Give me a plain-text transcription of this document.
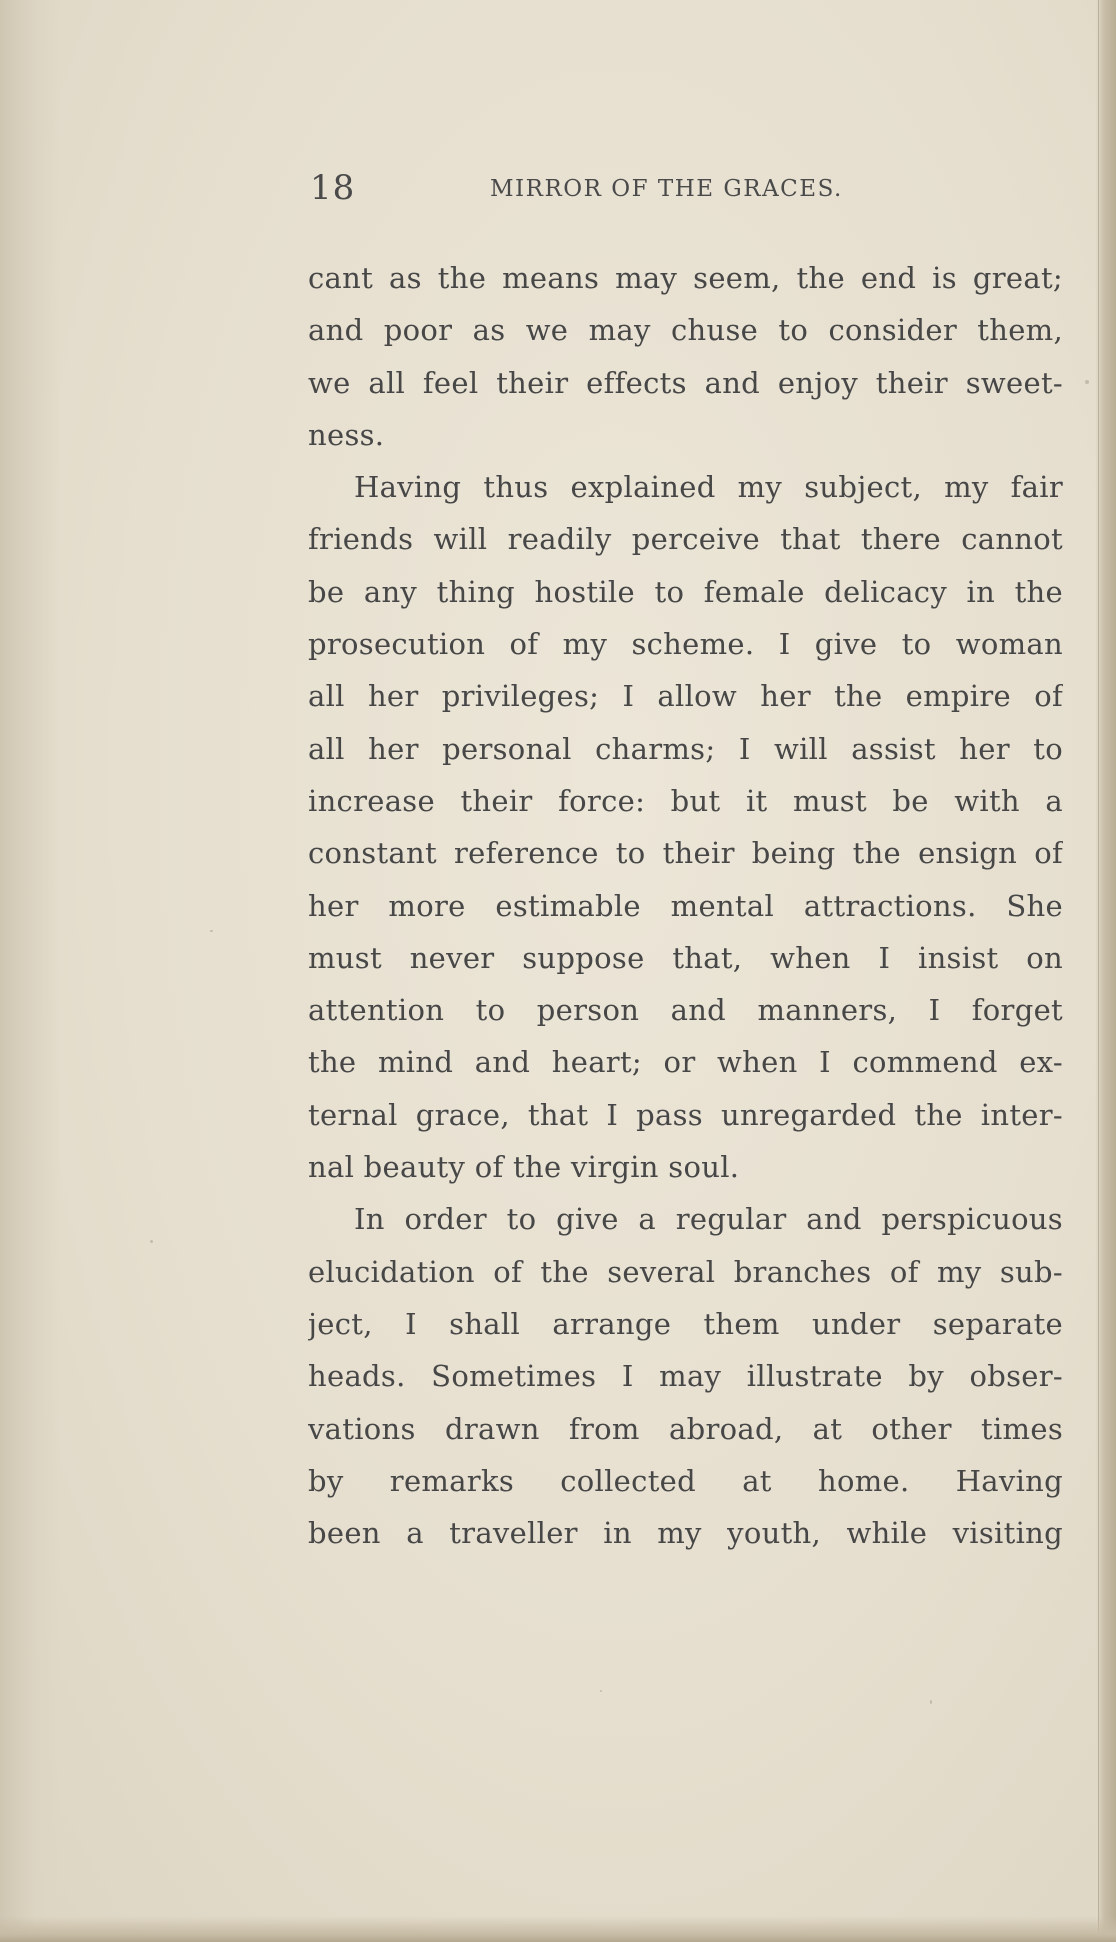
18	MIRROR OF THE GRACES.
cant as the means may seem, the end is great;
and poor as we may chuse to consider them,
we all feel their effects and enjoy their sweet-
ness.
Having thus explained my subject, my fair
friends will readily perceive that there cannot
be any thing hostile to female delicacy in the
prosecution of my scheme. I give to woman
all her privileges; I allow her the empire of
all her personal charms; I will assist her to
increase their force: but it must be with a
constant reference to their being the ensign of
her more estimable mental attractions. She
must never suppose that, when I insist on
attention to person and manners, I forget
the mind and heart; or when I commend ex-
ternal grace, that I pass unregarded the inter-
nal beauty of the virgin soul.
In order to give a regular and perspicuous
elucidation of the several branches of my sub-
ject, I shall arrange them under separate
heads. Sometimes I may illustrate by obser-
vations drawn from abroad, at other times
by remarks collected at home. Having
been a traveller in my youth, while visiting
